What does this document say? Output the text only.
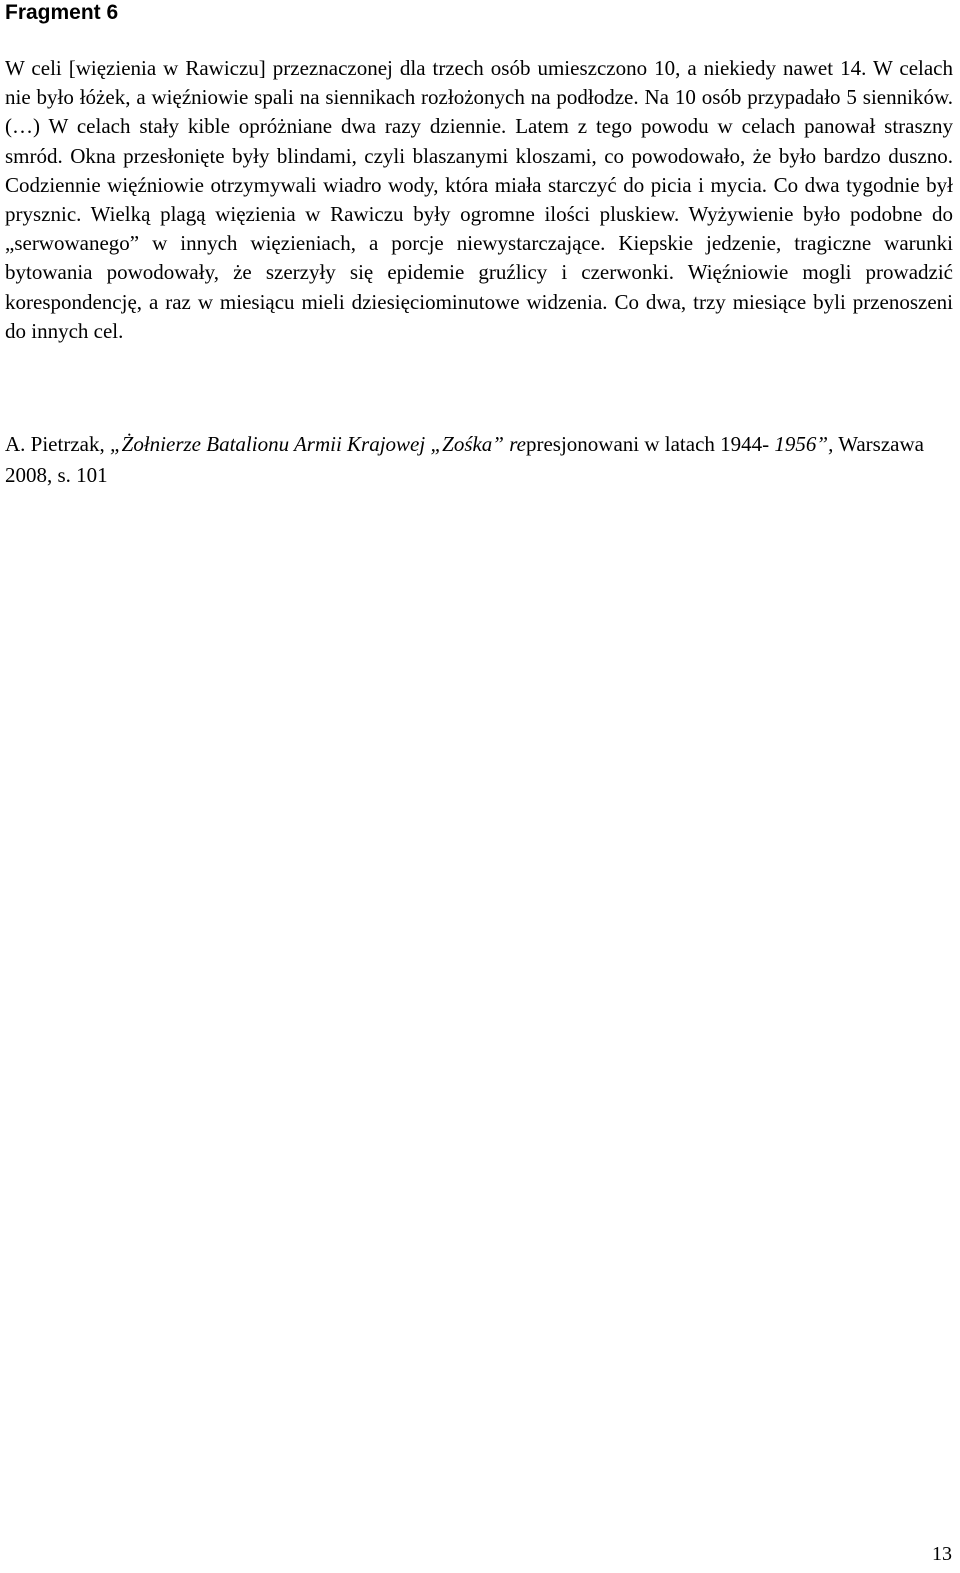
Fragment 6

W celi [więzienia w Rawiczu] przeznaczonej dla trzech osób umieszczono 10, a niekiedy nawet 14. W celach nie było łóżek, a więźniowie spali na siennikach rozłożonych na podłodze. Na 10 osób przypadało 5 sienników. (…) W celach stały kible opróżniane dwa razy dziennie. Latem z tego powodu w celach panował straszny smród. Okna przesłonięte były blindami, czyli blaszanymi kloszami, co powodowało, że było bardzo duszno. Codziennie więźniowie otrzymywali wiadro wody, która miała starczyć do picia i mycia. Co dwa tygodnie był prysznic. Wielką plagą więzienia w Rawiczu były ogromne ilości pluskiew. Wyżywienie było podobne do „serwowanego” w innych więzieniach, a porcje niewystarczające. Kiepskie jedzenie, tragiczne warunki bytowania powodowały, że szerzyły się epidemie gruźlicy i czerwonki. Więźniowie mogli prowadzić korespondencję, a raz w miesiącu mieli dziesięciominutowe widzenia. Co dwa, trzy miesiące byli przenoszeni do innych cel.

A. Pietrzak, „Żołnierze Batalionu Armii Krajowej „Zośka” represjonowani w latach 1944- 1956”, Warszawa 2008, s. 101

13
